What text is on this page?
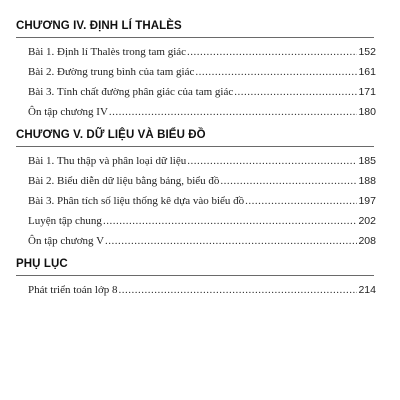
CHƯƠNG IV. ĐỊNH LÍ THALÈS
Bài 1. Định lí Thalès trong tam giác .....	152
Bài 2. Đường trung bình của tam giác .....	161
Bài 3. Tính chất đường phân giác của tam giác .....	171
Ôn tập chương IV .....	180
CHƯƠNG V. DỮ LIỆU VÀ BIỂU ĐỒ
Bài 1. Thu thập và phân loại dữ liệu .....	185
Bài 2. Biểu diễn dữ liệu bằng bảng, biểu đồ .....	188
Bài 3. Phân tích số liệu thống kê dựa vào biểu đồ .....	197
Luyện tập chung .....	202
Ôn tập chương V .....	208
PHỤ LỤC
Phát triển toán lớp 8 .....	214
